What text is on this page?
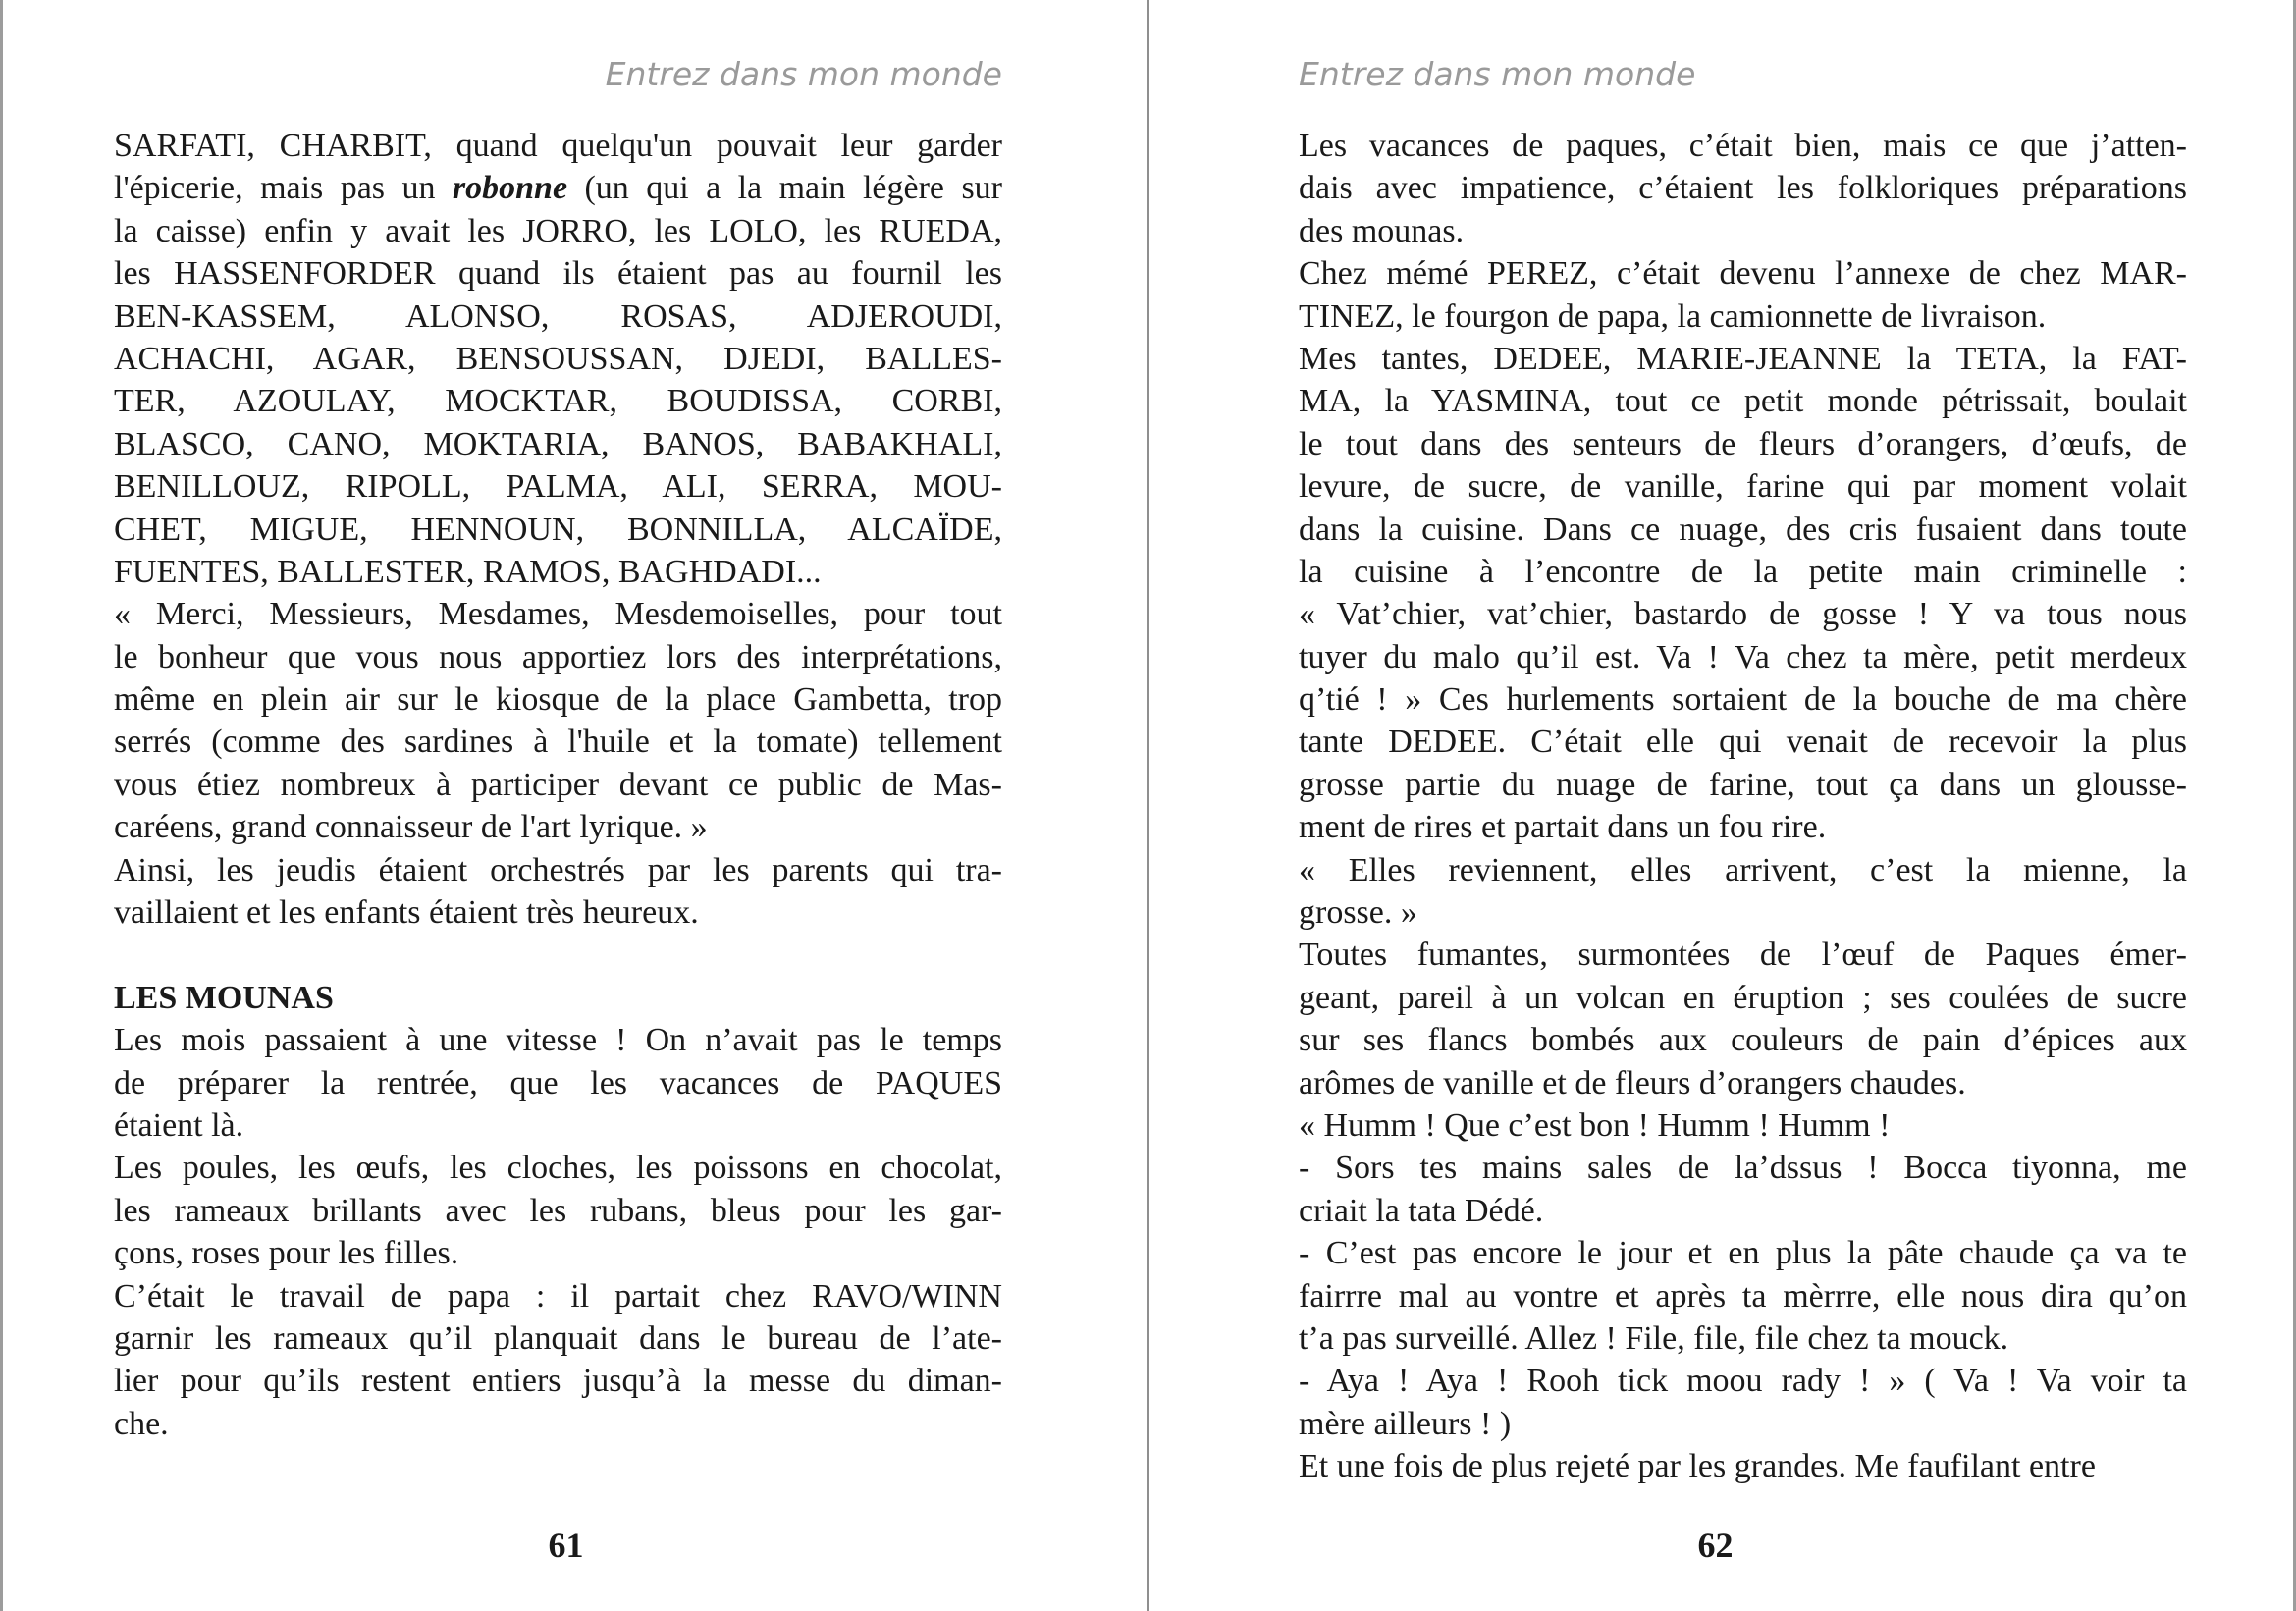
Entrez dans mon monde
SARFATI, CHARBIT, quand quelqu'un pouvait leur garder
l'épicerie, mais pas un robonne (un qui a la main légère sur
la caisse) enfin y avait les JORRO, les LOLO, les RUEDA,
les HASSENFORDER quand ils étaient pas au fournil les
BEN-KASSEM, ALONSO, ROSAS, ADJEROUDI,
ACHACHI, AGAR, BENSOUSSAN, DJEDI, BALLES-
TER, AZOULAY, MOCKTAR, BOUDISSA, CORBI,
BLASCO, CANO, MOKTARIA, BANOS, BABAKHALI,
BENILLOUZ, RIPOLL, PALMA, ALI, SERRA, MOU-
CHET, MIGUE, HENNOUN, BONNILLA, ALCAÏDE,
FUENTES, BALLESTER, RAMOS, BAGHDADI...
« Merci, Messieurs, Mesdames, Mesdemoiselles, pour tout
le bonheur que vous nous apportiez lors des interprétations,
même en plein air sur le kiosque de la place Gambetta, trop
serrés (comme des sardines à l'huile et la tomate) tellement
vous étiez nombreux à participer devant ce public de Mas-
caréens, grand connaisseur de l'art lyrique. »
Ainsi, les jeudis étaient orchestrés par les parents qui tra-
vaillaient et les enfants étaient très heureux.
LES MOUNAS
Les mois passaient à une vitesse ! On n’avait pas le temps
de préparer la rentrée, que les vacances de PAQUES
étaient là.
Les poules, les œufs, les cloches, les poissons en chocolat,
les rameaux brillants avec les rubans, bleus pour les gar-
çons, roses pour les filles.
C’était le travail de papa : il partait chez RAVO/WINN
garnir les rameaux qu’il planquait dans le bureau de l’ate-
lier pour qu’ils restent entiers jusqu’à la messe du diman-
che.
61
Entrez dans mon monde
Les vacances de paques, c’était bien, mais ce que j’atten-
dais avec impatience, c’étaient les folkloriques préparations
des mounas.
Chez mémé PEREZ, c’était devenu l’annexe de chez MAR-
TINEZ, le fourgon de papa, la camionnette de livraison.
Mes tantes, DEDEE, MARIE-JEANNE la TETA, la FAT-
MA, la YASMINA, tout ce petit monde pétrissait, boulait
le tout dans des senteurs de fleurs d’orangers, d’œufs, de
levure, de sucre, de vanille, farine qui par moment volait
dans la cuisine. Dans ce nuage, des cris fusaient dans toute
la cuisine à l’encontre de la petite main criminelle :
« Vat’chier, vat’chier, bastardo de gosse ! Y va tous nous
tuyer du malo qu’il est. Va ! Va chez ta mère, petit merdeux
q’tié ! » Ces hurlements sortaient de la bouche de ma chère
tante DEDEE. C’était elle qui venait de recevoir la plus
grosse partie du nuage de farine, tout ça dans un glousse-
ment de rires et partait dans un fou rire.
« Elles reviennent, elles arrivent, c’est la mienne, la
grosse. »
Toutes fumantes, surmontées de l’œuf de Paques émer-
geant, pareil à un volcan en éruption ; ses coulées de sucre
sur ses flancs bombés aux couleurs de pain d’épices aux
arômes de vanille et de fleurs d’orangers chaudes.
« Humm ! Que c’est bon ! Humm ! Humm !
- Sors tes mains sales de la’dssus ! Bocca tiyonna, me
criait la tata Dédé.
- C’est pas encore le jour et en plus la pâte chaude ça va te
fairrre mal au vontre et après ta mèrrre, elle nous dira qu’on
t’a pas surveillé. Allez ! File, file, file chez ta mouck.
- Aya ! Aya ! Rooh tick moou rady ! » ( Va ! Va voir ta
mère ailleurs ! )
Et une fois de plus rejeté par les grandes. Me faufilant entre
62
